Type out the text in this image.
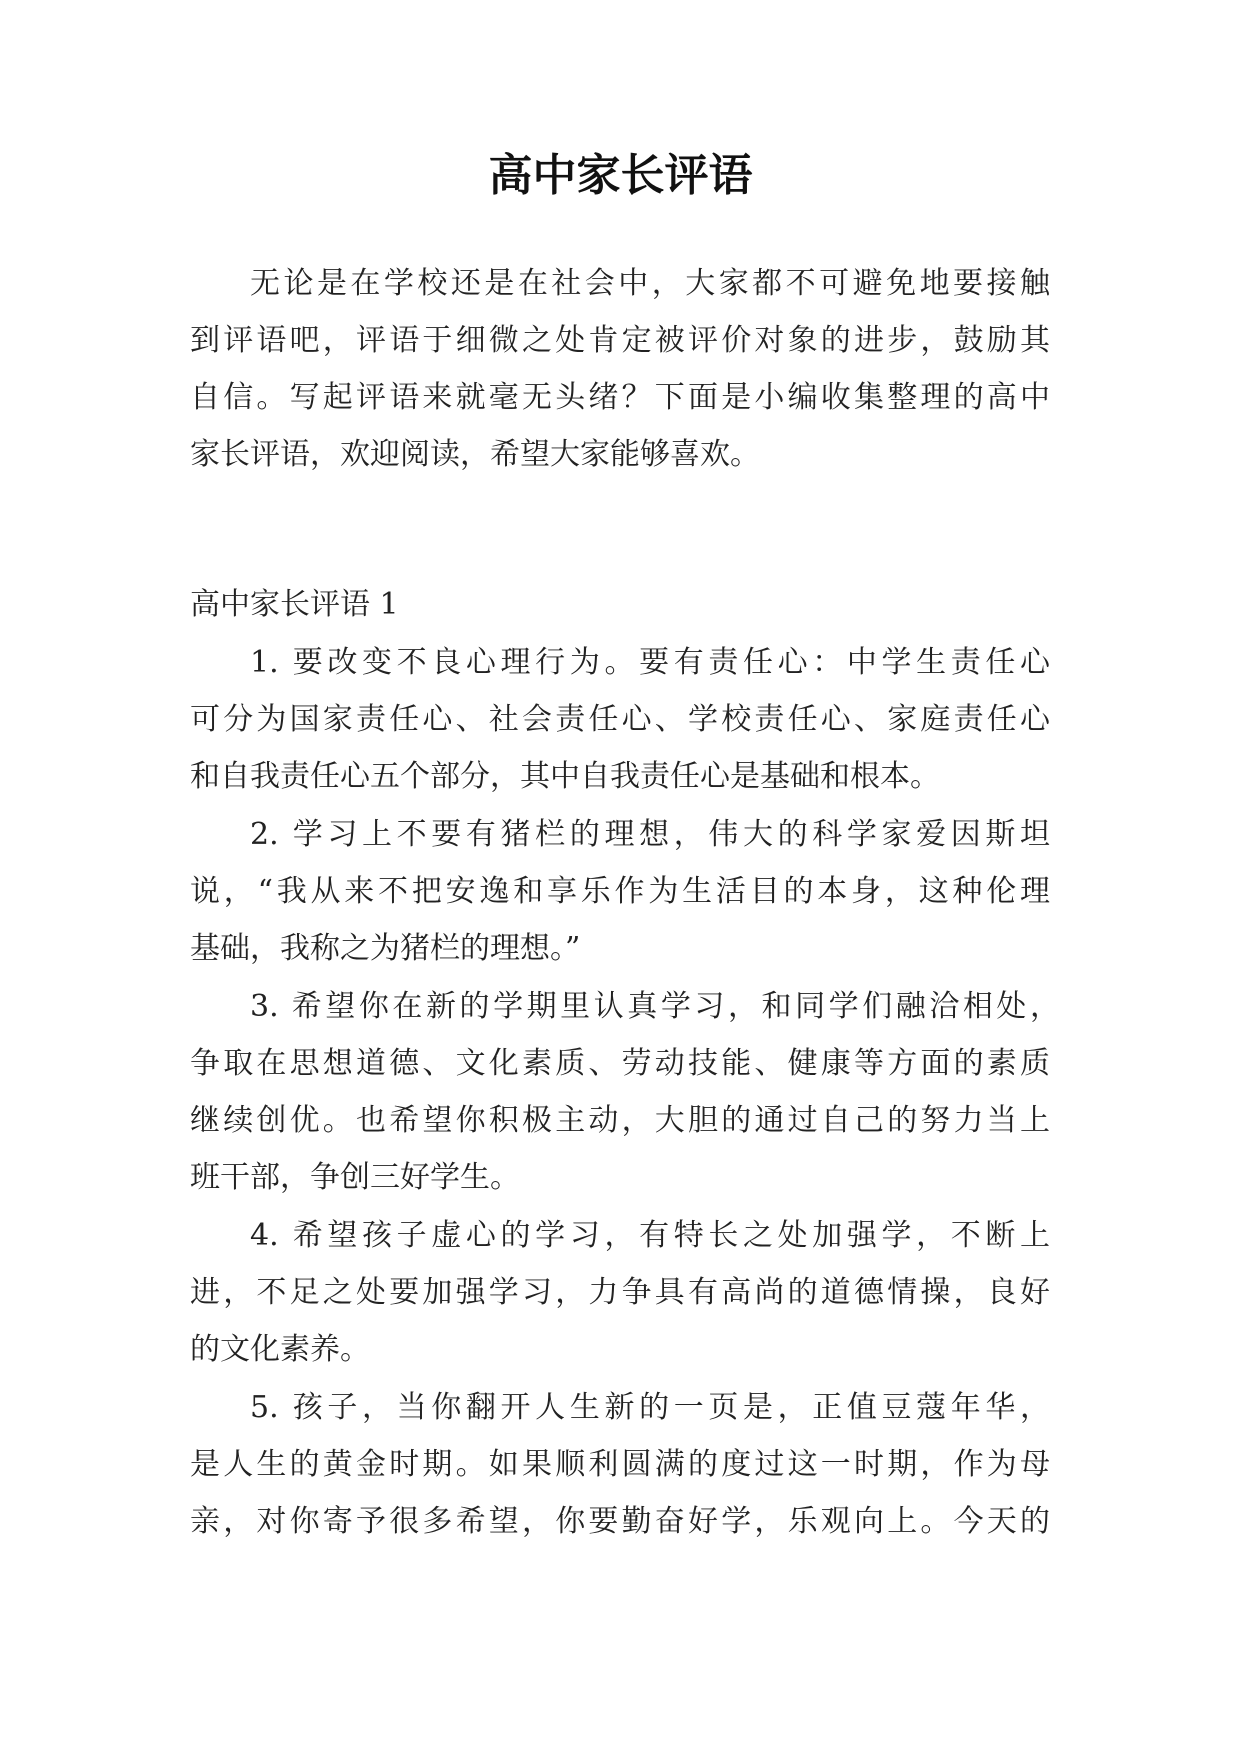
高中家长评语

无论是在学校还是在社会中，大家都不可避免地要接触

到评语吧，评语于细微之处肯定被评价对象的进步，鼓励其

自信。写起评语来就毫无头绪？下面是小编收集整理的高中

家长评语，欢迎阅读，希望大家能够喜欢。

高中家长评语 1

1. 要改变不良心理行为。要有责任心：中学生责任心

可分为国家责任心、社会责任心、学校责任心、家庭责任心

和自我责任心五个部分，其中自我责任心是基础和根本。

2. 学习上不要有猪栏的理想，伟大的科学家爱因斯坦

说，“我从来不把安逸和享乐作为生活目的本身，这种伦理

基础，我称之为猪栏的理想。”

3. 希望你在新的学期里认真学习，和同学们融洽相处，

争取在思想道德、文化素质、劳动技能、健康等方面的素质

继续创优。也希望你积极主动，大胆的通过自己的努力当上

班干部，争创三好学生。

4. 希望孩子虚心的学习，有特长之处加强学，不断上

进，不足之处要加强学习，力争具有高尚的道德情操，良好

的文化素养。

5. 孩子，当你翻开人生新的一页是，正值豆蔻年华，

是人生的黄金时期。如果顺利圆满的度过这一时期，作为母

亲，对你寄予很多希望，你要勤奋好学，乐观向上。今天的
